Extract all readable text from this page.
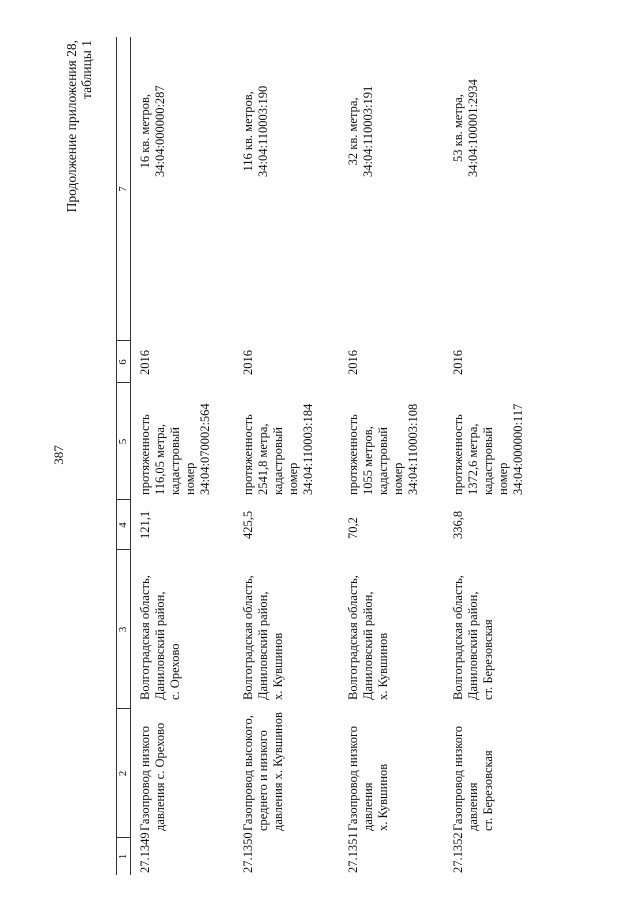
387
Продолжение приложения 28, таблицы 1
1
2
3
4
5
6
7
27.1349
Газопровод низкого давления с. Орехово
Волгоградская область, Даниловский район, с. Орехово
121,1
протяженность 116,05 метра, кадастровый номер 34:04:070002:564
2016
16 кв. метров, 34:04:000000:287
27.1350
Газопровод высокого, среднего и низкого давления х. Кувшинов
Волгоградская область, Даниловский район, х. Кувшинов
425,5
протяженность 2541,8 метра, кадастровый номер 34:04:110003:184
2016
116 кв. метров, 34:04:110003:190
27.1351
Газопровод низкого давления х. Кувшинов
Волгоградская область, Даниловский район, х. Кувшинов
70,2
протяженность 1055 метров, кадастровый номер 34:04:110003:108
2016
32 кв. метра, 34:04:110003:191
27.1352
Газопровод низкого давления ст. Березовская
Волгоградская область, Даниловский район, ст. Березовская
336,8
протяженность 1372,6 метра, кадастровый номер 34:04:000000:117
2016
53 кв. метра, 34:04:100001:2934
